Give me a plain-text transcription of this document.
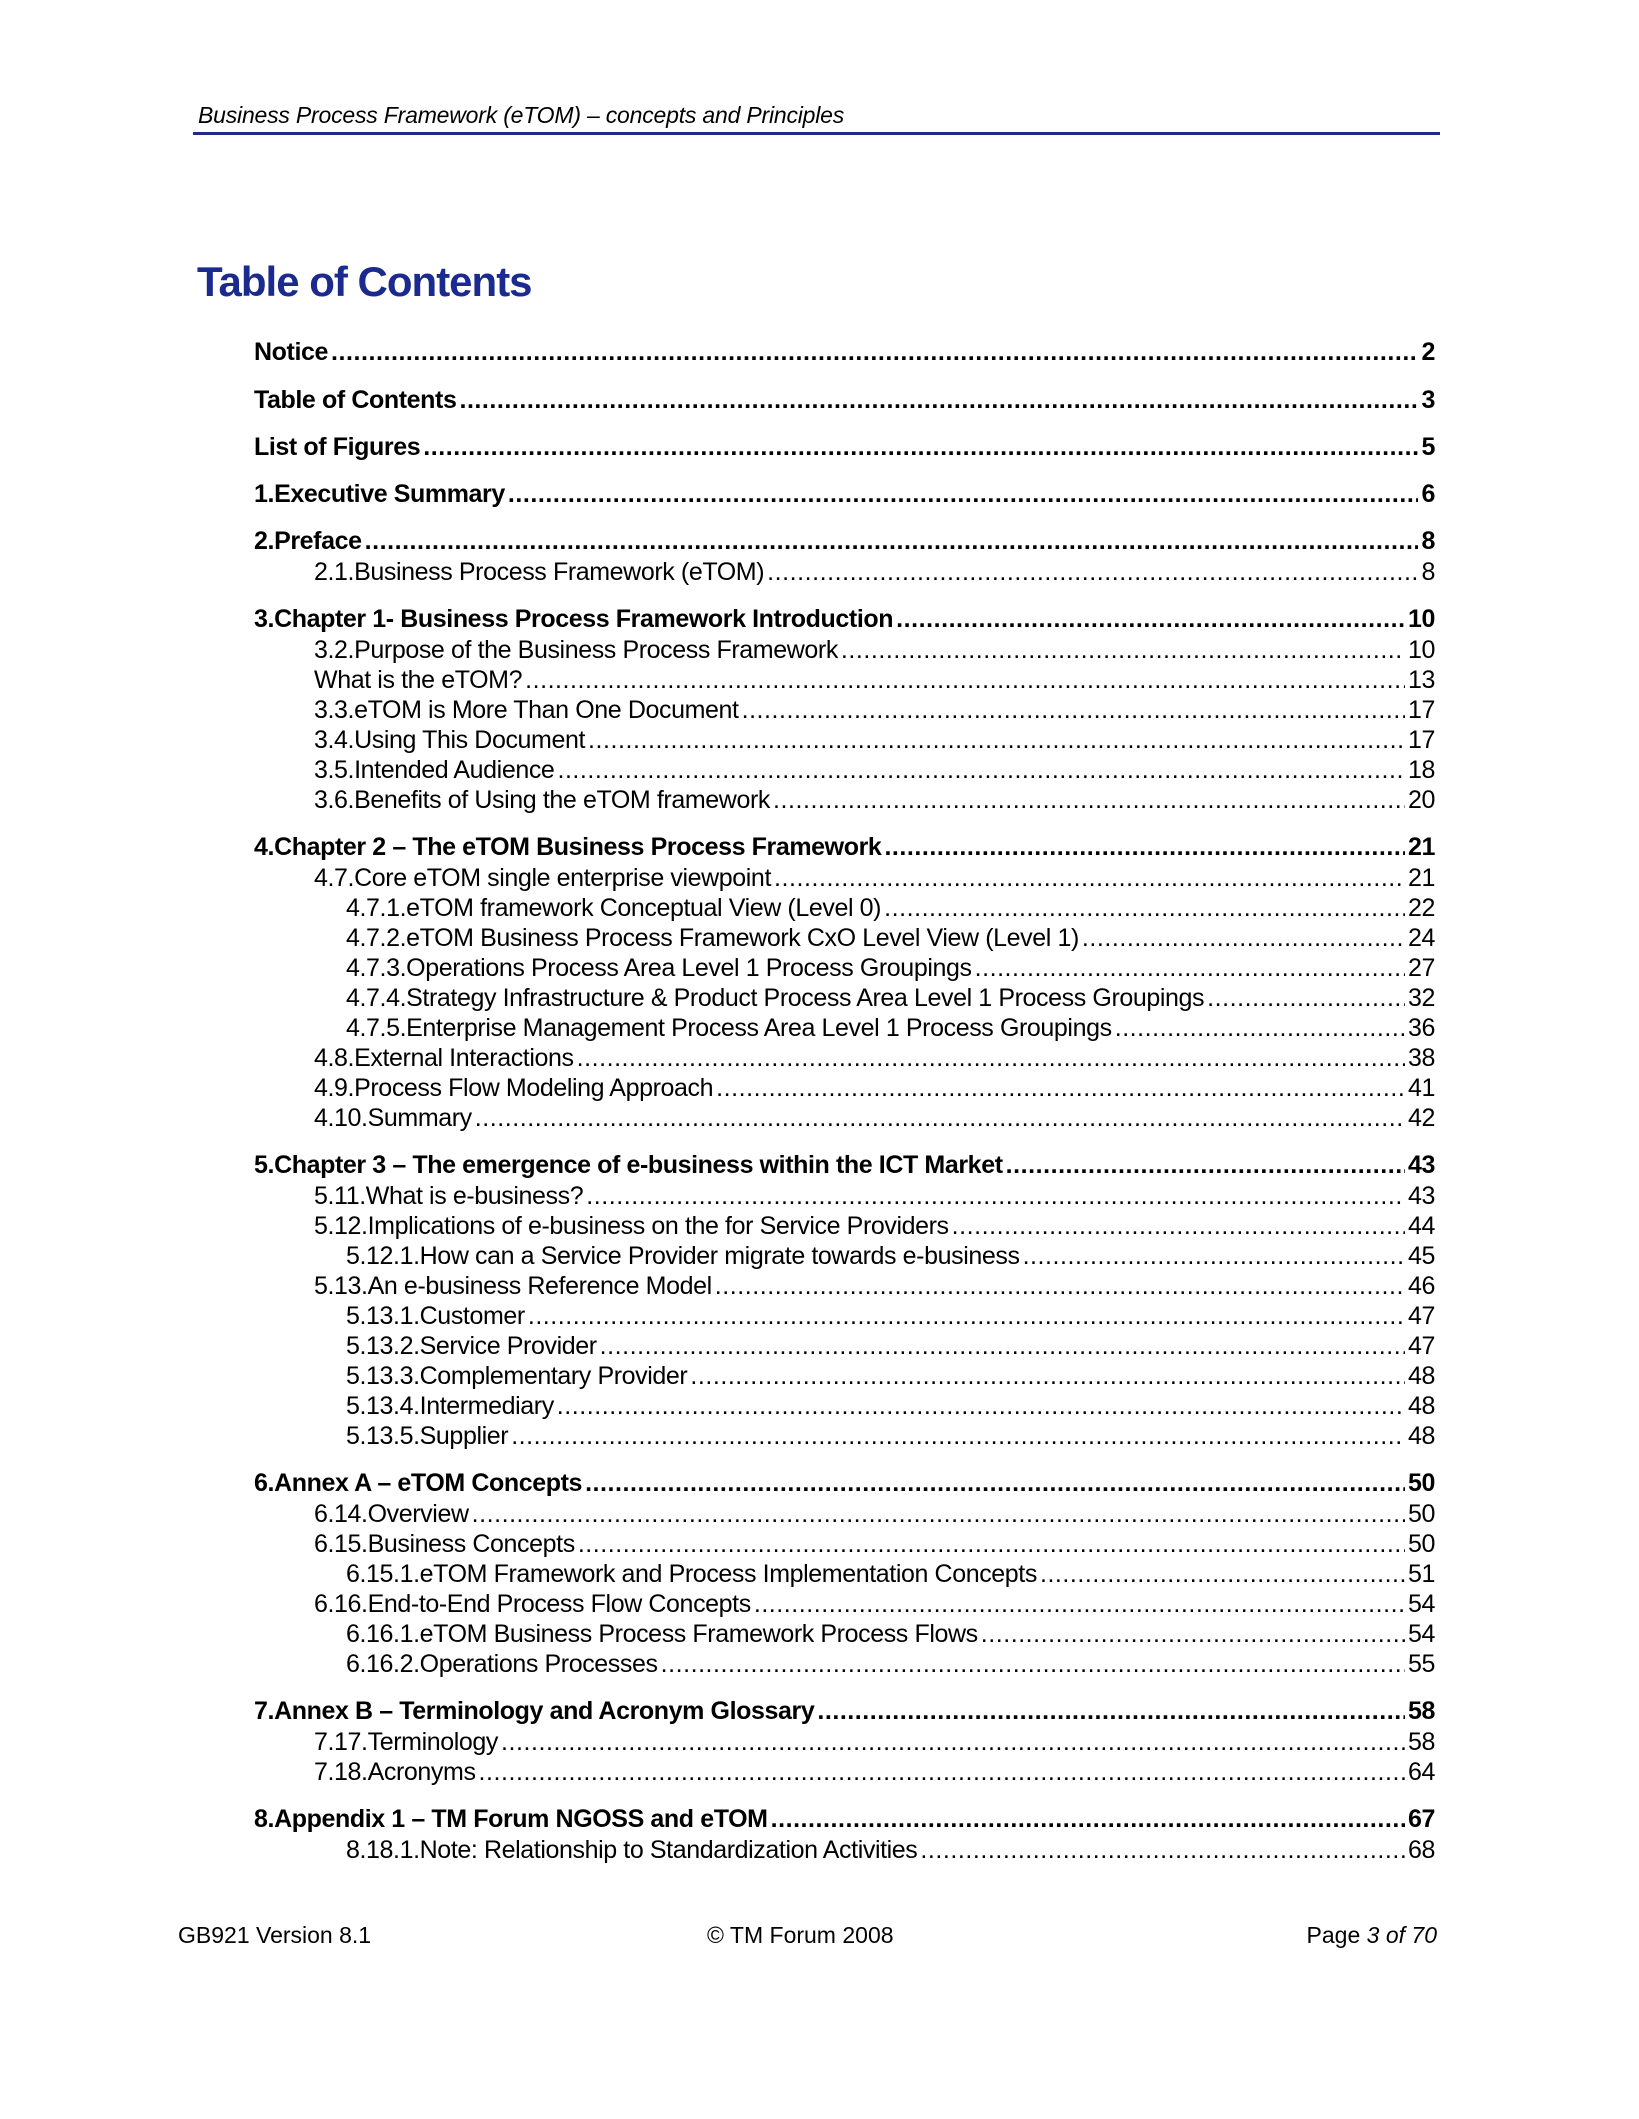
Business Process Framework (eTOM) – concepts and Principles
Table of Contents
Notice . . .	2
Table of Contents . . .	3
List of Figures . . .	5
1. Executive Summary . . .	6
2. Preface . . .	8
2.1. Business Process Framework (eTOM) . . .	8
3. Chapter 1- Business Process Framework Introduction . . .	10
3.2. Purpose of the Business Process Framework . . .	10
What is the eTOM? . . .	13
3.3. eTOM is More Than One Document . . .	17
3.4. Using This Document . . .	17
3.5. Intended Audience . . .	18
3.6. Benefits of Using the eTOM framework . . .	20
4. Chapter 2 – The eTOM Business Process Framework . . .	21
4.7. Core eTOM single enterprise viewpoint . . .	21
4.7.1. eTOM framework Conceptual View (Level 0) . . .	22
4.7.2. eTOM Business Process Framework CxO Level View (Level 1) . . .	24
4.7.3. Operations Process Area Level 1 Process Groupings . . .	27
4.7.4. Strategy Infrastructure & Product Process Area Level 1 Process Groupings . . .	32
4.7.5. Enterprise Management Process Area Level 1 Process Groupings . . .	36
4.8. External Interactions . . .	38
4.9. Process Flow Modeling Approach . . .	41
4.10. Summary . . .	42
5. Chapter 3 – The emergence of e-business within the ICT Market . . .	43
5.11. What is e-business? . . .	43
5.12. Implications of e-business on the for Service Providers . . .	44
5.12.1. How can a Service Provider migrate towards e-business . . .	45
5.13. An e-business Reference Model . . .	46
5.13.1. Customer . . .	47
5.13.2. Service Provider . . .	47
5.13.3. Complementary Provider . . .	48
5.13.4. Intermediary . . .	48
5.13.5. Supplier . . .	48
6. Annex A – eTOM Concepts . . .	50
6.14. Overview . . .	50
6.15. Business Concepts . . .	50
6.15.1. eTOM Framework and Process Implementation Concepts . . .	51
6.16. End-to-End Process Flow Concepts . . .	54
6.16.1. eTOM Business Process Framework Process Flows . . .	54
6.16.2. Operations Processes . . .	55
7. Annex B – Terminology and Acronym Glossary . . .	58
7.17. Terminology . . .	58
7.18. Acronyms . . .	64
8. Appendix 1 – TM Forum NGOSS and eTOM . . .	67
8.18.1. Note: Relationship to Standardization Activities . . .	68
GB921 Version 8.1	© TM Forum 2008	Page 3 of 70
